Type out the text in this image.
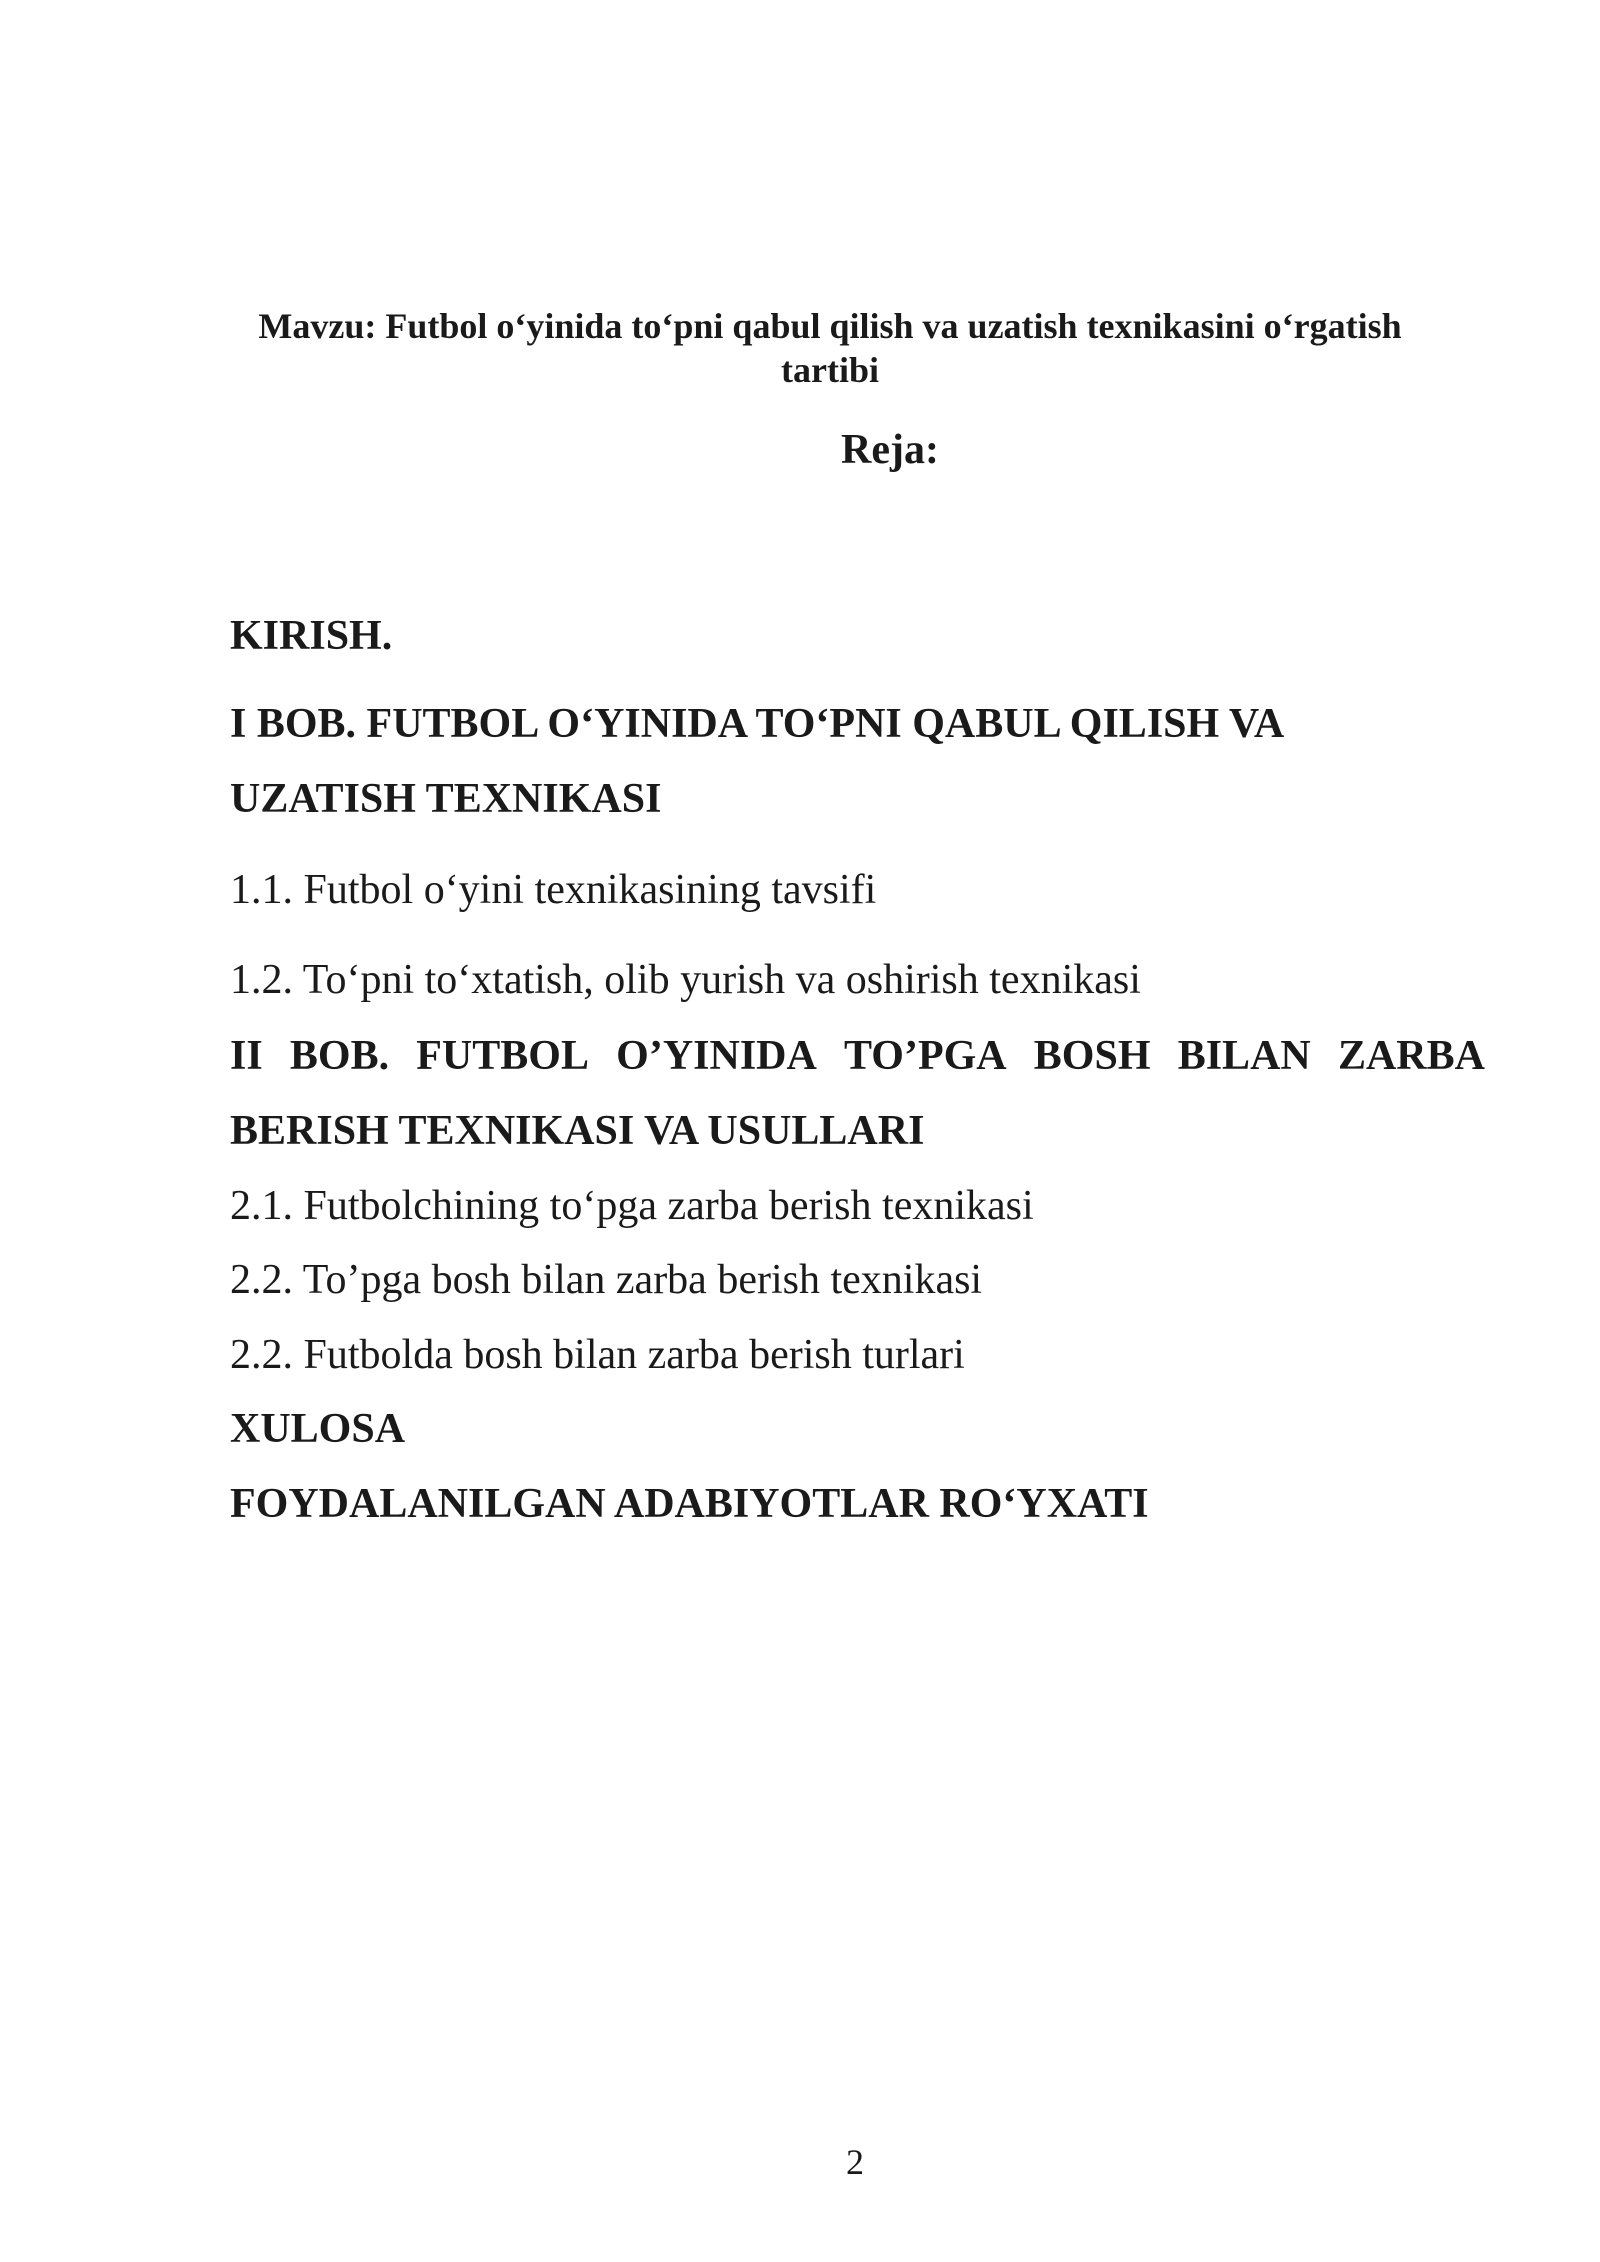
Mavzu: Futbol o‘yinida to‘pni qabul qilish va uzatish texnikasini o‘rgatish
tartibi
Reja:
KIRISH.
I BOB. FUTBOL O‘YINIDA TO‘PNI QABUL QILISH VA
UZATISH TEXNIKASI
1.1. Futbol o‘yini texnikasining tavsifi
1.2. To‘pni to‘xtatish, olib yurish va oshirish texnikasi
II BOB. FUTBOL O’YINIDA TO’PGA BOSH BILAN ZARBA
BERISH TEXNIKASI VA USULLARI
2.1. Futbolchining to‘pga zarba berish texnikasi
2.2. To’pga bosh bilan zarba berish texnikasi
2.2. Futbolda bosh bilan zarba berish turlari
XULOSA
FOYDALANILGAN ADABIYOTLAR RO‘YXATI
2
